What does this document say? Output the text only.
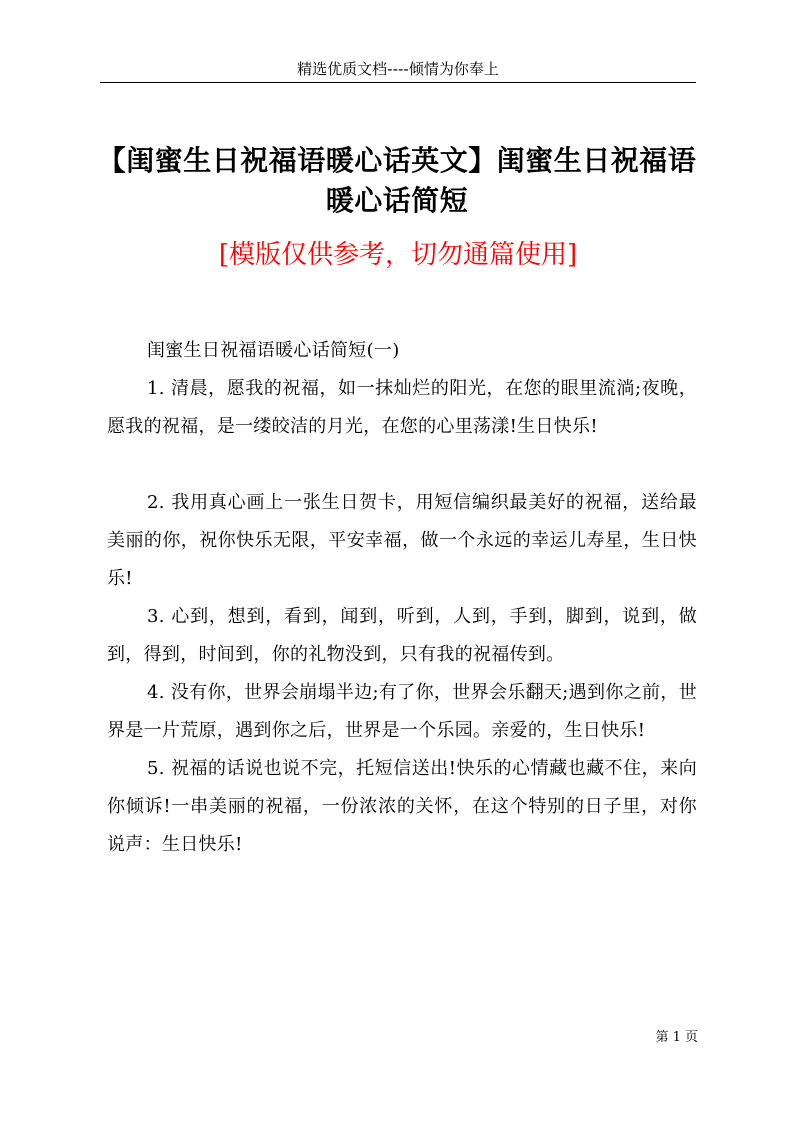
精选优质文档----倾情为你奉上
【闺蜜生日祝福语暖心话英文】闺蜜生日祝福语暖心话简短
[模版仅供参考，切勿通篇使用]

闺蜜生日祝福语暖心话简短(一)

1. 清晨，愿我的祝福，如一抹灿烂的阳光，在您的眼里流淌;夜晚，愿我的祝福，是一缕皎洁的月光，在您的心里荡漾!生日快乐!

2. 我用真心画上一张生日贺卡，用短信编织最美好的祝福，送给最美丽的你，祝你快乐无限，平安幸福，做一个永远的幸运儿寿星，生日快乐!

3. 心到，想到，看到，闻到，听到，人到，手到，脚到，说到，做到，得到，时间到，你的礼物没到，只有我的祝福传到。

4. 没有你，世界会崩塌半边;有了你，世界会乐翻天;遇到你之前，世界是一片荒原，遇到你之后，世界是一个乐园。亲爱的，生日快乐!

5. 祝福的话说也说不完，托短信送出!快乐的心情藏也藏不住，来向你倾诉!一串美丽的祝福，一份浓浓的关怀，在这个特别的日子里，对你说声：生日快乐!

第 1 页
